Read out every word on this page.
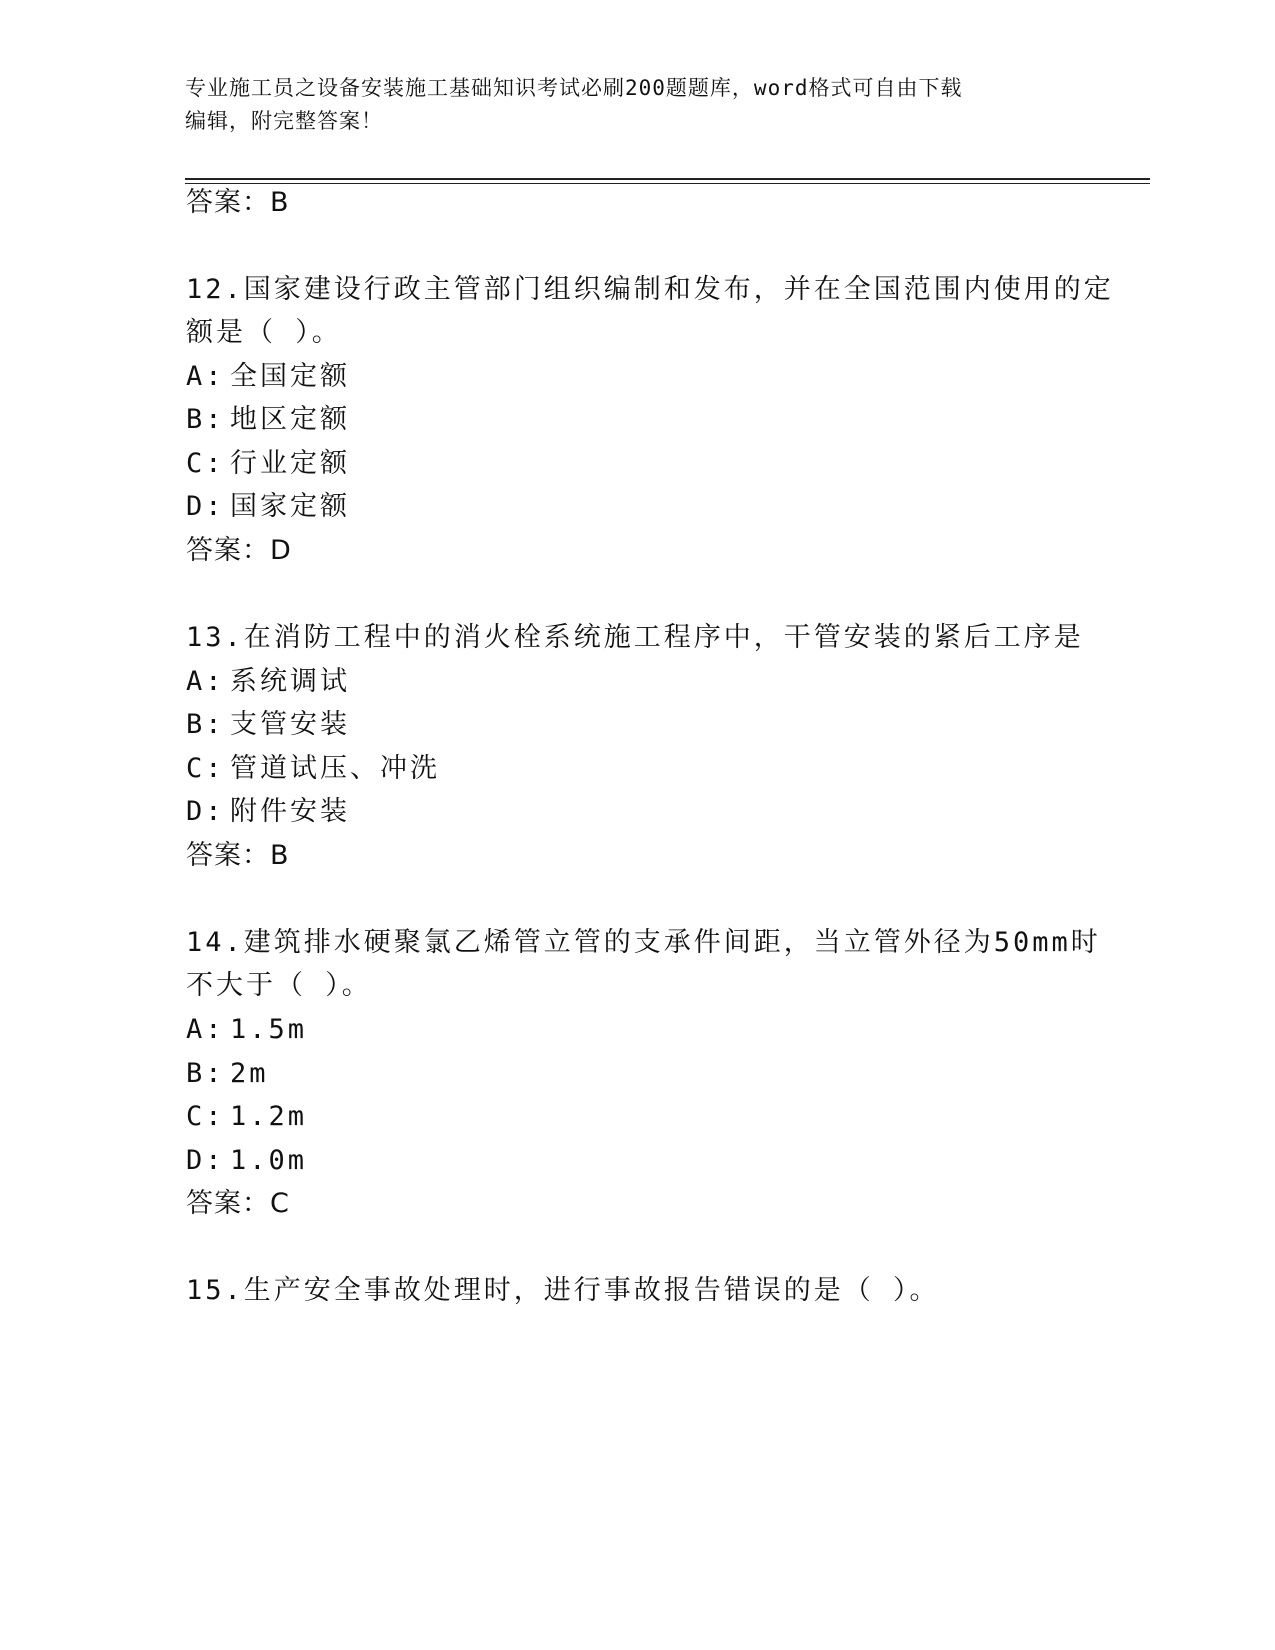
专业施工员之设备安装施工基础知识考试必刷200题题库，word格式可自由下载
编辑，附完整答案！
答案：B
12.国家建设行政主管部门组织编制和发布，并在全国范围内使用的定
额是（ ）。
A: 全国定额
B: 地区定额
C: 行业定额
D: 国家定额
答案：D
13.在消防工程中的消火栓系统施工程序中，干管安装的紧后工序是
A: 系统调试
B: 支管安装
C: 管道试压、冲洗
D: 附件安装
答案：B
14.建筑排水硬聚氯乙烯管立管的支承件间距，当立管外径为50mm时
不大于（ ）。
A: 1.5m
B: 2m
C: 1.2m
D: 1.0m
答案：C
15.生产安全事故处理时，进行事故报告错误的是（ ）。
